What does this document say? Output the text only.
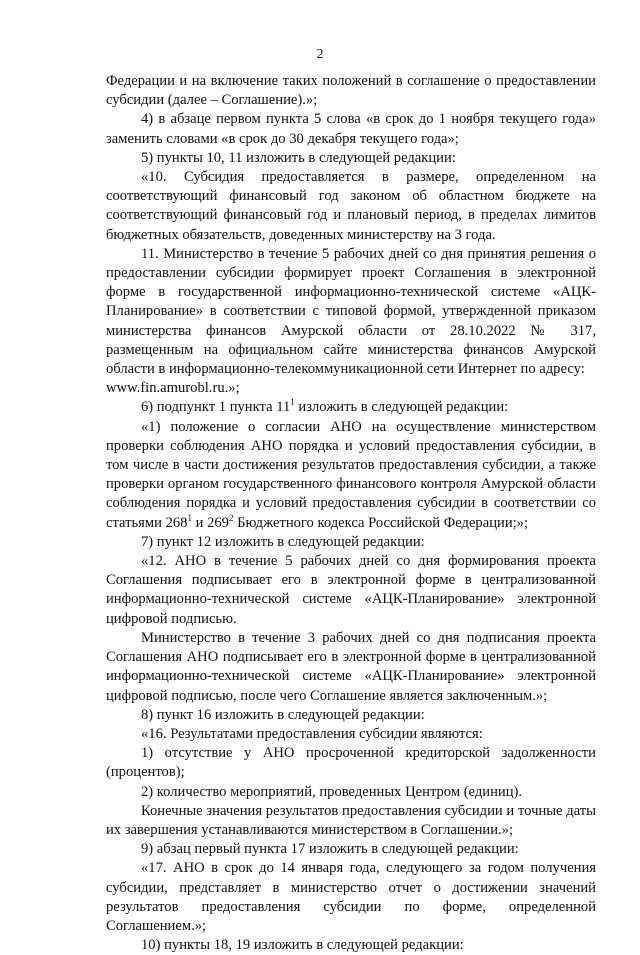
2

Федерации и на включение таких положений в соглашение о предоставлении субсидии (далее – Соглашение).»;

4) в абзаце первом пункта 5 слова «в срок до 1 ноября текущего года» заменить словами «в срок до 30 декабря текущего года»;

5) пункты 10, 11 изложить в следующей редакции:

«10. Субсидия предоставляется в размере, определенном на соответствующий финансовый год законом об областном бюджете на соответствующий финансовый год и плановый период, в пределах лимитов бюджетных обязательств, доведенных министерству на 3 года.

11. Министерство в течение 5 рабочих дней со дня принятия решения о предоставлении субсидии формирует проект Соглашения в электронной форме в государственной информационно-технической системе «АЦК-Планирование» в соответствии с типовой формой, утвержденной приказом министерства финансов Амурской области от 28.10.2022 № 317, размещенным на официальном сайте министерства финансов Амурской области в информационно-телекоммуникационной сети Интернет по адресу:
www.fin.amurobl.ru.»;

6) подпункт 1 пункта $11^1$ изложить в следующей редакции:

«1) положение о согласии АНО на осуществление министерством проверки соблюдения АНО порядка и условий предоставления субсидии, в том числе в части достижения результатов предоставления субсидии, а также проверки органом государственного финансового контроля Амурской области соблюдения порядка и условий предоставления субсидии в соответствии со статьями $268^1$ и $269^2$ Бюджетного кодекса Российской Федерации;»;

7) пункт 12 изложить в следующей редакции:

«12. АНО в течение 5 рабочих дней со дня формирования проекта Соглашения подписывает его в электронной форме в централизованной информационно-технической системе «АЦК-Планирование» электронной цифровой подписью.

Министерство в течение 3 рабочих дней со дня подписания проекта Соглашения АНО подписывает его в электронной форме в централизованной информационно-технической системе «АЦК-Планирование» электронной цифровой подписью, после чего Соглашение является заключенным.»;

8) пункт 16 изложить в следующей редакции:

«16. Результатами предоставления субсидии являются:

1) отсутствие у АНО просроченной кредиторской задолженности (процентов);

2) количество мероприятий, проведенных Центром (единиц).

Конечные значения результатов предоставления субсидии и точные даты их завершения устанавливаются министерством в Соглашении.»;

9) абзац первый пункта 17 изложить в следующей редакции:

«17. АНО в срок до 14 января года, следующего за годом получения субсидии, представляет в министерство отчет о достижении значений результатов предоставления субсидии по форме, определенной Соглашением.»;

10) пункты 18, 19 изложить в следующей редакции:
